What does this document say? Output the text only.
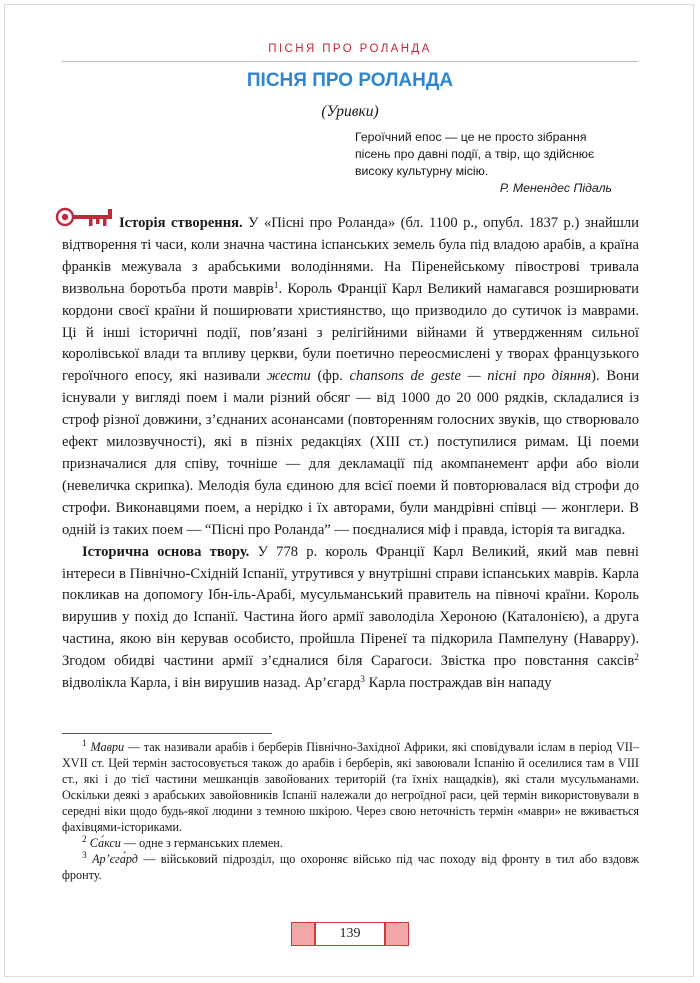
ПІСНЯ ПРО РОЛАНДА
ПІСНЯ ПРО РОЛАНДА
(Уривки)
Героїчний епос — це не просто зібрання пісень про давні події, а твір, що здійснює високу культурну місію.
Р. Менендес Підаль

Історія створення. У «Пісні про Роланда» (бл. 1100 р., опубл. 1837 р.) знайшли відтворення ті часи, коли значна частина іспанських земель була під владою арабів, а країна франків межувала з арабськими володіннями. На Піренейському півострові тривала визвольна боротьба проти маврів$^1$. Король Франції Карл Великий намагався розширювати кордони своєї країни й поширювати християнство, що призводило до сутичок із маврами. Ці й інші історичні події, пов’язані з релігійними війнами й утвердженням сильної королівської влади та впливу церкви, були поетично переосмислені у творах французького героїчного епосу, які називали жести (фр. chansons de geste — пісні про діяння). Вони існували у вигляді поем і мали різний обсяг — від 1000 до 20 000 рядків, складалися із строф різної довжини, з’єднаних асонансами (повторенням голосних звуків, що створювало ефект милозвучності), які в пізніх редакціях (XIII ст.) поступилися римам. Ці поеми призначалися для співу, точніше — для декламації під акомпанемент арфи або віоли (невеличка скрипка). Мелодія була єдиною для всієї поеми й повторювалася від строфи до строфи. Виконавцями поем, а нерідко і їх авторами, були мандрівні співці — жонглери. В одній із таких поем — “Пісні про Роланда” — поєдналися міф і правда, історія та вигадка.

Історична основа твору. У 778 р. король Франції Карл Великий, який мав певні інтереси в Північно-Східній Іспанії, утрутився у внутрішні справи іспанських маврів. Карла покликав на допомогу Ібн-іль-Арабі, мусульманський правитель на півночі країни. Король вирушив у похід до Іспанії. Частина його армії заволоділа Хероною (Каталонією), а друга частина, якою він керував особисто, пройшла Піренеї та підкорила Пампелуну (Наварру). Згодом обидві частини армії з’єдналися біля Сарагоси. Звістка про повстання саксів$^2$ відволікла Карла, і він вирушив назад. Ар’єгард$^3$ Карла постраждав він нападу

$^1$ Маври — так називали арабів і берберів Північно-Західної Африки, які сповідували іслам в період VII–XVII ст. Цей термін застосовується також до арабів і берберів, які завоювали Іспанію й оселилися там в VIII ст., які і до тієї частини мешканців завойованих територій (та їхніх нащадків), які стали мусульманами. Оскільки деякі з арабських завойовників Іспанії належали до негроїдної раси, цей термін використовували в середні віки щодо будь-якої людини з темною шкірою. Через свою неточність термін «маври» не вживається фахівцями-істориками.

$^2$ Са́кси — одне з германських племен.

$^3$ Ар’єга́рд — військовий підрозділ, що охороняє військо під час походу від фронту в тил або вздовж фронту.

139
